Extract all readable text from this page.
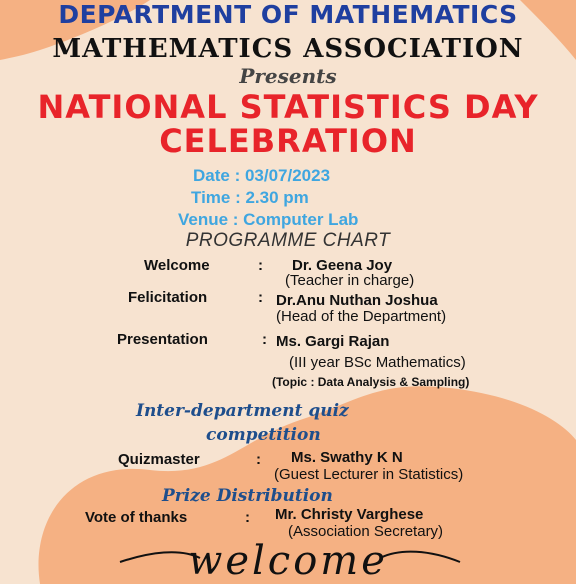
DEPARTMENT OF MATHEMATICS
MATHEMATICS ASSOCIATION
Presents
NATIONAL STATISTICS DAY
CELEBRATION
Date : 03/07/2023
Time : 2.30 pm
Venue : Computer Lab
PROGRAMME CHART
Welcome	: Dr. Geena Joy
(Teacher in charge)
Felicitation	: Dr.Anu Nuthan Joshua
(Head of the Department)
Presentation	: Ms. Gargi Rajan
(III year BSc Mathematics)
(Topic : Data Analysis & Sampling)
Inter-department quiz
competition
Quizmaster	: Ms. Swathy K N
(Guest Lecturer in Statistics)
Prize Distribution
Vote of thanks	: Mr. Christy Varghese
(Association Secretary)
welcome
